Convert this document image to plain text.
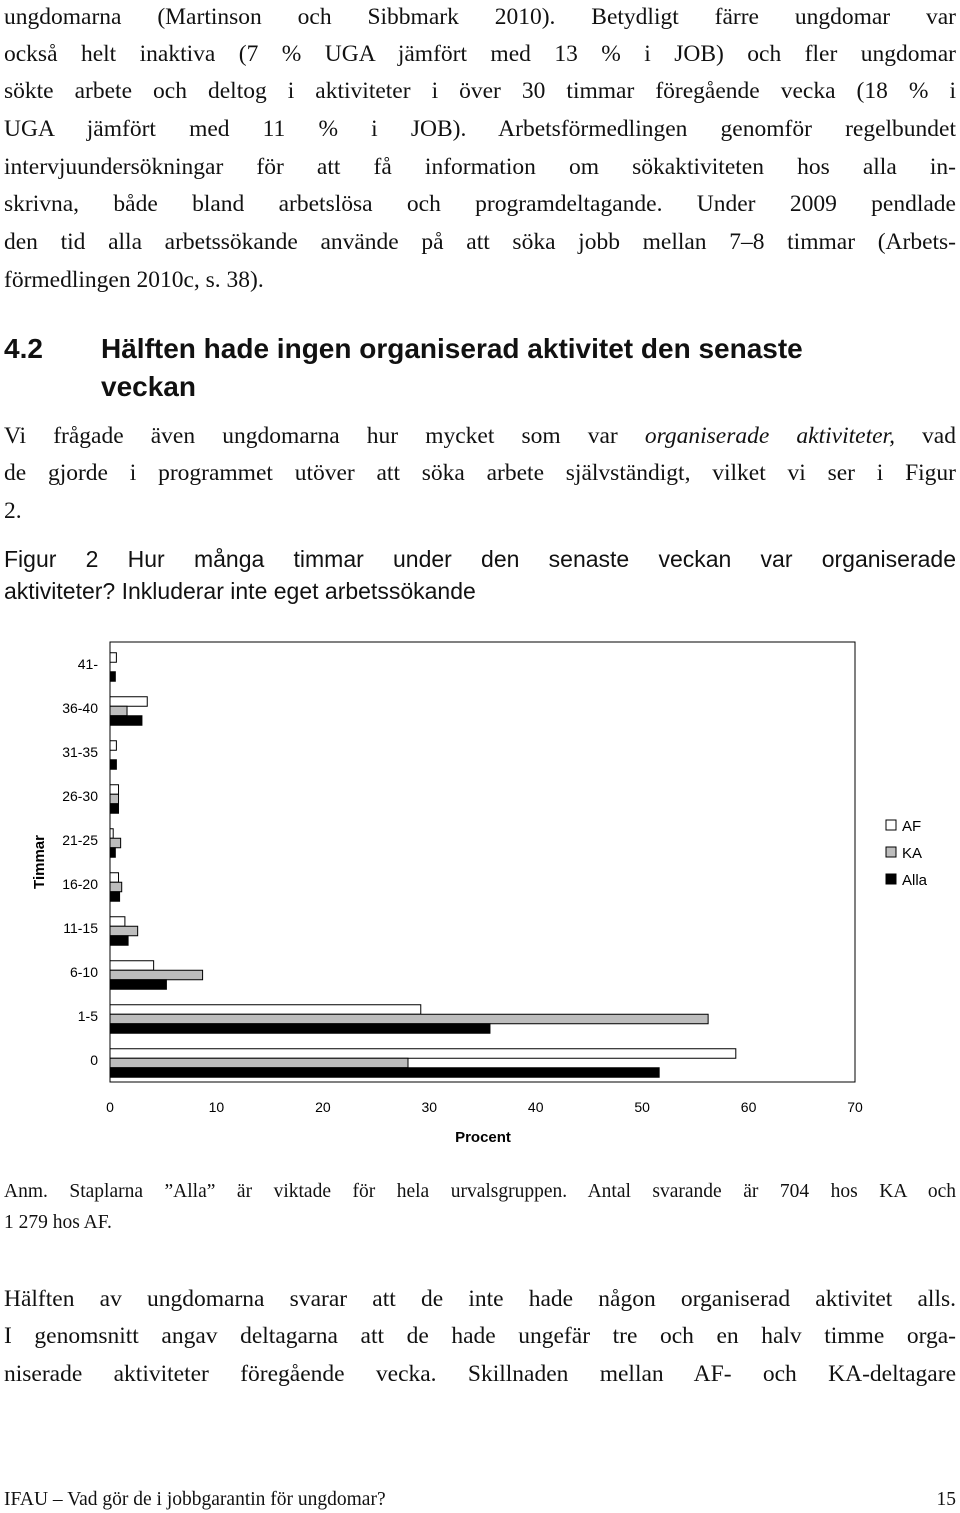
ungdomarna (Martinson och Sibbmark 2010). Betydligt färre ungdomar var
också helt inaktiva (7 % UGA jämfört med 13 % i JOB) och fler ungdomar
sökte arbete och deltog i aktiviteter i över 30 timmar föregående vecka (18 % i
UGA jämfört med 11 % i JOB). Arbetsförmedlingen genomför regelbundet
intervjuundersökningar för att få information om sökaktiviteten hos alla in-
skrivna, både bland arbetslösa och programdeltagande. Under 2009 pendlade
den tid alla arbetssökande använde på att söka jobb mellan 7–8 timmar (Arbets-
förmedlingen 2010c, s. 38).
4.2 Hälften hade ingen organiserad aktivitet den senaste
veckan
Vi frågade även ungdomarna hur mycket som var organiserade aktiviteter, vad
de gjorde i programmet utöver att söka arbete självständigt, vilket vi ser i Figur
2.
Figur 2 Hur många timmar under den senaste veckan var organiserade
aktiviteter? Inkluderar inte eget arbetssökande
41-
36-40
31-35
26-30
21-25
16-20
11-15
6-10
1-5
0
0	10	20	30	40	50	60	70
Timmar
Procent
AF
KA
Alla
Anm. Staplarna ”Alla” är viktade för hela urvalsgruppen. Antal svarande är 704 hos KA och
1 279 hos AF.
Hälften av ungdomarna svarar att de inte hade någon organiserad aktivitet alls.
I genomsnitt angav deltagarna att de hade ungefär tre och en halv timme orga-
niserade aktiviteter föregående vecka. Skillnaden mellan AF- och KA-deltagare
IFAU – Vad gör de i jobbgarantin för ungdomar?	15
